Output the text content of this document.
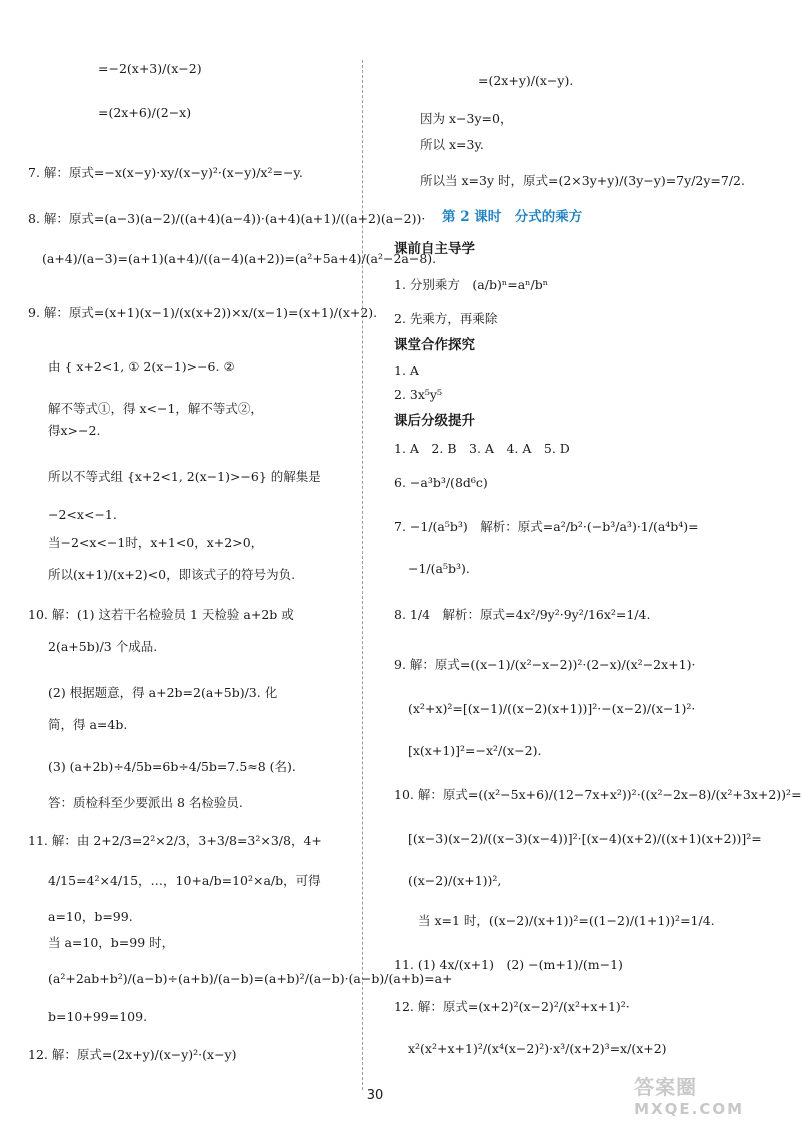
=−2(x+3)/(x−2)
=(2x+6)/(2−x)
7. 解：原式=−x(x−y)·xy/(x−y)²·(x−y)/x²=−y.
8. 解：原式=(a−3)(a−2)/((a+4)(a−4))·(a+4)(a+1)/((a+2)(a−2))·
(a+4)/(a−3)=(a+1)(a+4)/((a−4)(a+2))=(a²+5a+4)/(a²−2a−8).
9. 解：原式=(x+1)(x−1)/(x(x+2))×x/(x−1)=(x+1)/(x+2).
由 { x+2<1, ① 2(x−1)>−6. ②
解不等式①，得 x<−1，解不等式②，
得x>−2.
所以不等式组 {x+2<1, 2(x−1)>−6} 的解集是
−2<x<−1.
当−2<x<−1时，x+1<0，x+2>0，
所以(x+1)/(x+2)<0，即该式子的符号为负.
10. 解：(1) 这若干名检验员 1 天检验 a+2b 或
2(a+5b)/3 个成品.
(2) 根据题意，得 a+2b=2(a+5b)/3. 化
简，得 a=4b.
(3) (a+2b)÷4/5b=6b÷4/5b=7.5≈8 (名).
答：质检科至少要派出 8 名检验员.
11. 解：由 2+2/3=2²×2/3，3+3/8=3²×3/8，4+
4/15=4²×4/15，…，10+a/b=10²×a/b，可得
a=10，b=99.
当 a=10，b=99 时，
(a²+2ab+b²)/(a−b)÷(a+b)/(a−b)=(a+b)²/(a−b)·(a−b)/(a+b)=a+
b=10+99=109.
12. 解：原式=(2x+y)/(x−y)²·(x−y)
=(2x+y)/(x−y).
因为 x−3y=0，
所以 x=3y.
所以当 x=3y 时，原式=(2×3y+y)/(3y−y)=7y/2y=7/2.
第 2 课时　分式的乘方
课前自主导学
1. 分别乘方　(a/b)ⁿ=aⁿ/bⁿ
2. 先乘方，再乘除
课堂合作探究
1. A
2. 3x⁵y⁵
课后分级提升
1. A　2. B　3. A　4. A　5. D
6. −a³b³/(8d⁶c)
7. −1/(a⁵b³)　解析：原式=a²/b²·(−b³/a³)·1/(a⁴b⁴)=
−1/(a⁵b³).
8. 1/4　解析：原式=4x²/9y²·9y²/16x²=1/4.
9. 解：原式=((x−1)/(x²−x−2))²·(2−x)/(x²−2x+1)·
(x²+x)²=[(x−1)/((x−2)(x+1))]²·−(x−2)/(x−1)²·
[x(x+1)]²=−x²/(x−2).
10. 解：原式=((x²−5x+6)/(12−7x+x²))²·((x²−2x−8)/(x²+3x+2))²=
[(x−3)(x−2)/((x−3)(x−4))]²·[(x−4)(x+2)/((x+1)(x+2))]²=
((x−2)/(x+1))²,
当 x=1 时，((x−2)/(x+1))²=((1−2)/(1+1))²=1/4.
11. (1) 4x/(x+1)　(2) −(m+1)/(m−1)
12. 解：原式=(x+2)²(x−2)²/(x²+x+1)²·
x²(x²+x+1)²/(x⁴(x−2)²)·x³/(x+2)³=x/(x+2)
30	答案圈
MXQE.COM
